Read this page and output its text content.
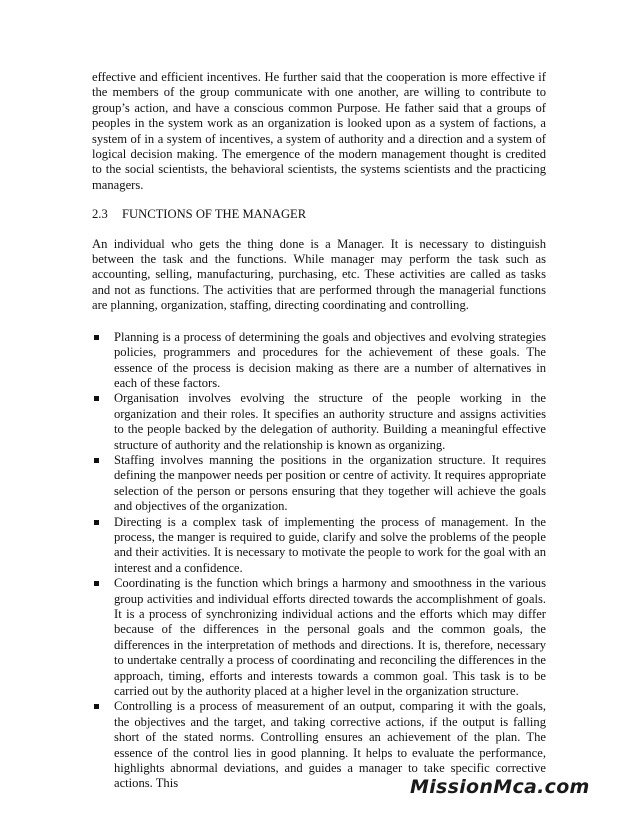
effective and efficient incentives. He further said that the cooperation is more effective if the members of the group communicate with one another, are willing to contribute to group’s action, and have a conscious common Purpose. He father said that a groups of peoples in the system work as an organization is looked upon as a system of factions, a system of in a system of incentives, a system of authority and a direction and a system of logical decision making. The emergence of the modern management thought is credited to the social scientists, the behavioral scientists, the systems scientists and the practicing managers.

2.3 FUNCTIONS OF THE MANAGER

An individual who gets the thing done is a Manager. It is necessary to distinguish between the task and the functions. While manager may perform the task such as accounting, selling, manufacturing, purchasing, etc. These activities are called as tasks and not as functions. The activities that are performed through the managerial functions are planning, organization, staffing, directing coordinating and controlling.

Planning is a process of determining the goals and objectives and evolving strategies policies, programmers and procedures for the achievement of these goals. The essence of the process is decision making as there are a number of alternatives in each of these factors.
Organisation involves evolving the structure of the people working in the organization and their roles. It specifies an authority structure and assigns activities to the people backed by the delegation of authority. Building a meaningful effective structure of authority and the relationship is known as organizing.
Staffing involves manning the positions in the organization structure. It requires defining the manpower needs per position or centre of activity. It requires appropriate selection of the person or persons ensuring that they together will achieve the goals and objectives of the organization.
Directing is a complex task of implementing the process of management. In the process, the manger is required to guide, clarify and solve the problems of the people and their activities. It is necessary to motivate the people to work for the goal with an interest and a confidence.
Coordinating is the function which brings a harmony and smoothness in the various group activities and individual efforts directed towards the accomplishment of goals. It is a process of synchronizing individual actions and the efforts which may differ because of the differences in the personal goals and the common goals, the differences in the interpretation of methods and directions. It is, therefore, necessary to undertake centrally a process of coordinating and reconciling the differences in the approach, timing, efforts and interests towards a common goal. This task is to be carried out by the authority placed at a higher level in the organization structure.
Controlling is a process of measurement of an output, comparing it with the goals, the objectives and the target, and taking corrective actions, if the output is falling short of the stated norms. Controlling ensures an achievement of the plan. The essence of the control lies in good planning. It helps to evaluate the performance, highlights abnormal deviations, and guides a manager to take specific corrective actions. This	MissionMca.com
